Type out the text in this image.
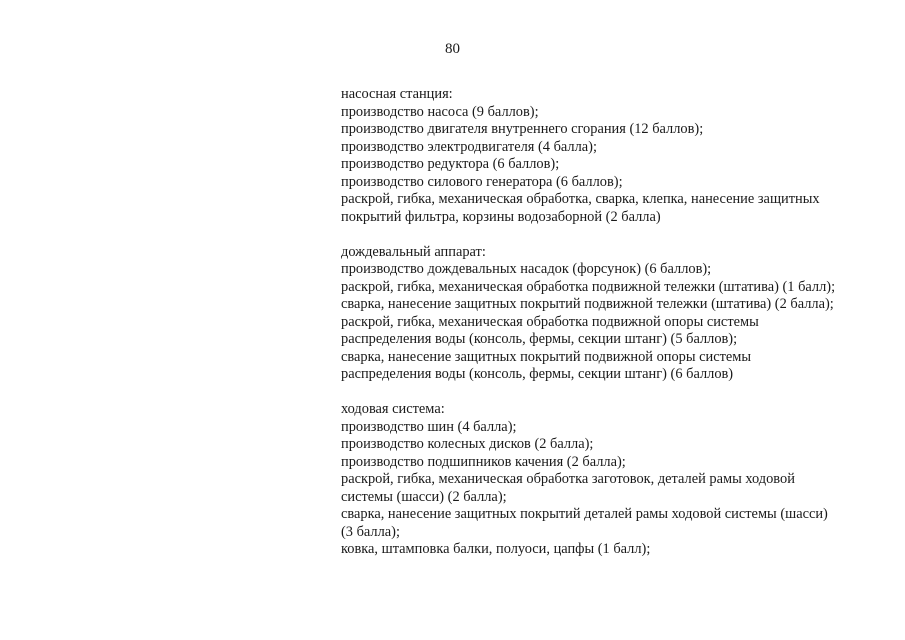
80
насосная станция:
производство насоса (9 баллов);
производство двигателя внутреннего сгорания (12 баллов);
производство электродвигателя (4 балла);
производство редуктора (6 баллов);
производство силового генератора (6 баллов);
раскрой, гибка, механическая обработка, сварка, клепка, нанесение защитных
покрытий фильтра, корзины водозаборной (2 балла)
дождевальный аппарат:
производство дождевальных насадок (форсунок) (6 баллов);
раскрой, гибка, механическая обработка подвижной тележки (штатива) (1 балл);
сварка, нанесение защитных покрытий подвижной тележки (штатива) (2 балла);
раскрой, гибка, механическая обработка подвижной опоры системы
распределения воды (консоль, фермы, секции штанг) (5 баллов);
сварка, нанесение защитных покрытий подвижной опоры системы
распределения воды (консоль, фермы, секции штанг) (6 баллов)
ходовая система:
производство шин (4 балла);
производство колесных дисков (2 балла);
производство подшипников качения (2 балла);
раскрой, гибка, механическая обработка заготовок, деталей рамы ходовой
системы (шасси) (2 балла);
сварка, нанесение защитных покрытий деталей рамы ходовой системы (шасси)
(3 балла);
ковка, штамповка балки, полуоси, цапфы (1 балл);
